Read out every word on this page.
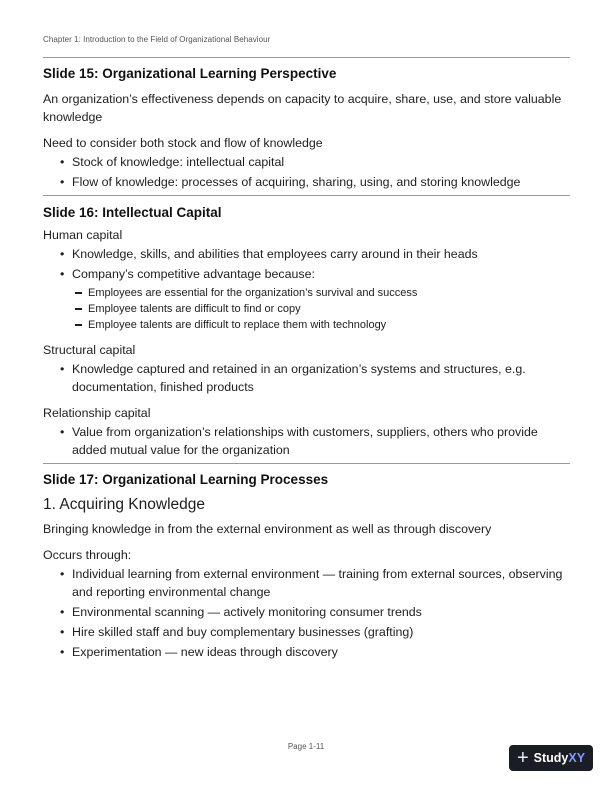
Chapter 1: Introduction to the Field of Organizational Behaviour
Slide 15: Organizational Learning Perspective

An organization’s effectiveness depends on capacity to acquire, share, use, and store valuable knowledge

Need to consider both stock and flow of knowledge

• Stock of knowledge: intellectual capital
• Flow of knowledge: processes of acquiring, sharing, using, and storing knowledge
Slide 16: Intellectual Capital

Human capital

• Knowledge, skills, and abilities that employees carry around in their heads
• Company’s competitive advantage because:
Employees are essential for the organization’s survival and success
Employee talents are difficult to find or copy
Employee talents are difficult to replace them with technology

Structural capital

• Knowledge captured and retained in an organization’s systems and structures, e.g. documentation, finished products

Relationship capital

• Value from organization’s relationships with customers, suppliers, others who provide added mutual value for the organization
Slide 17: Organizational Learning Processes

1. Acquiring Knowledge

Bringing knowledge in from the external environment as well as through discovery

Occurs through:

• Individual learning from external environment — training from external sources, observing and reporting environmental change
• Environmental scanning — actively monitoring consumer trends
• Hire skilled staff and buy complementary businesses (grafting)
• Experimentation — new ideas through discovery
Page 1-11
+ Study XY
